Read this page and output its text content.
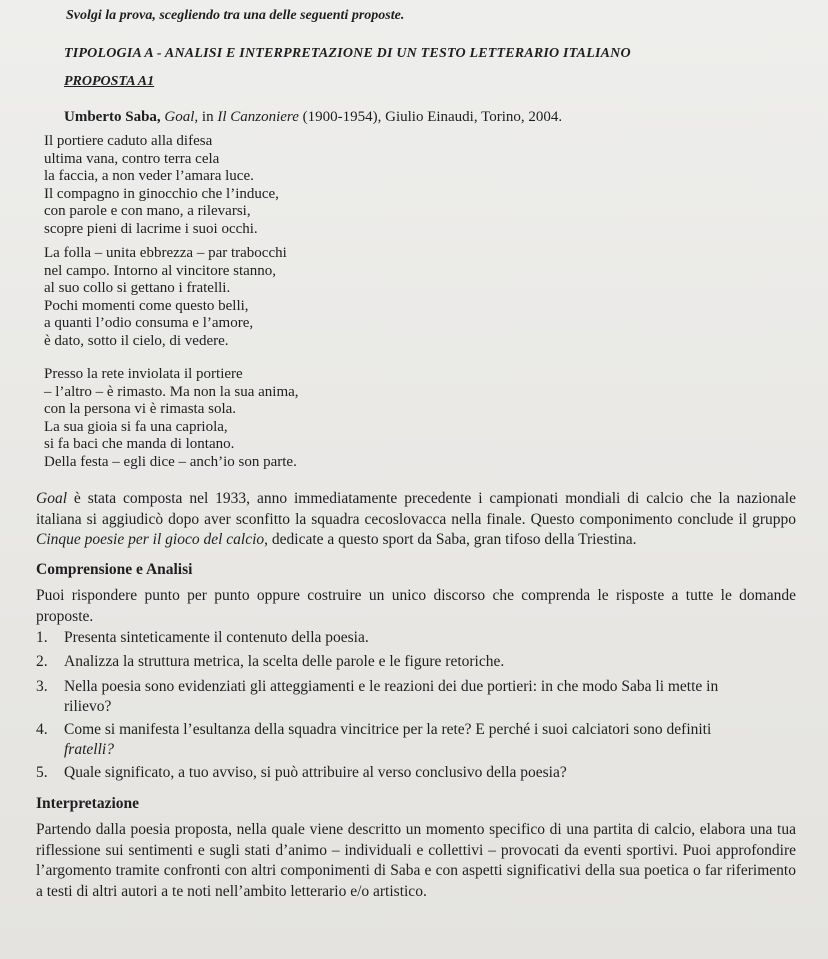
Svolgi la prova, scegliendo tra una delle seguenti proposte.
TIPOLOGIA A - ANALISI E INTERPRETAZIONE DI UN TESTO LETTERARIO ITALIANO
PROPOSTA A1
Umberto Saba, Goal, in Il Canzoniere (1900-1954), Giulio Einaudi, Torino, 2004.
Il portiere caduto alla difesa
ultima vana, contro terra cela
la faccia, a non veder l’amara luce.
Il compagno in ginocchio che l’induce,
con parole e con mano, a rilevarsi,
scopre pieni di lacrime i suoi occhi.
La folla – unita ebbrezza – par trabocchi
nel campo. Intorno al vincitore stanno,
al suo collo si gettano i fratelli.
Pochi momenti come questo belli,
a quanti l’odio consuma e l’amore,
è dato, sotto il cielo, di vedere.
Presso la rete inviolata il portiere
– l’altro – è rimasto. Ma non la sua anima,
con la persona vi è rimasta sola.
La sua gioia si fa una capriola,
si fa baci che manda di lontano.
Della festa – egli dice – anch’io son parte.
Goal è stata composta nel 1933, anno immediatamente precedente i campionati mondiali di calcio che la nazionale italiana si aggiudicò dopo aver sconfitto la squadra cecoslovacca nella finale. Questo componimento conclude il gruppo Cinque poesie per il gioco del calcio, dedicate a questo sport da Saba, gran tifoso della Triestina.
Comprensione e Analisi
Puoi rispondere punto per punto oppure costruire un unico discorso che comprenda le risposte a tutte le domande proposte.
1. Presenta sinteticamente il contenuto della poesia.
2. Analizza la struttura metrica, la scelta delle parole e le figure retoriche.
3. Nella poesia sono evidenziati gli atteggiamenti e le reazioni dei due portieri: in che modo Saba li mette in
rilievo?
4. Come si manifesta l’esultanza della squadra vincitrice per la rete? E perché i suoi calciatori sono definiti
fratelli?
5. Quale significato, a tuo avviso, si può attribuire al verso conclusivo della poesia?
Interpretazione
Partendo dalla poesia proposta, nella quale viene descritto un momento specifico di una partita di calcio, elabora una tua riflessione sui sentimenti e sugli stati d’animo – individuali e collettivi – provocati da eventi sportivi. Puoi approfondire l’argomento tramite confronti con altri componimenti di Saba e con aspetti significativi della sua poetica o far riferimento a testi di altri autori a te noti nell’ambito letterario e/o artistico.
